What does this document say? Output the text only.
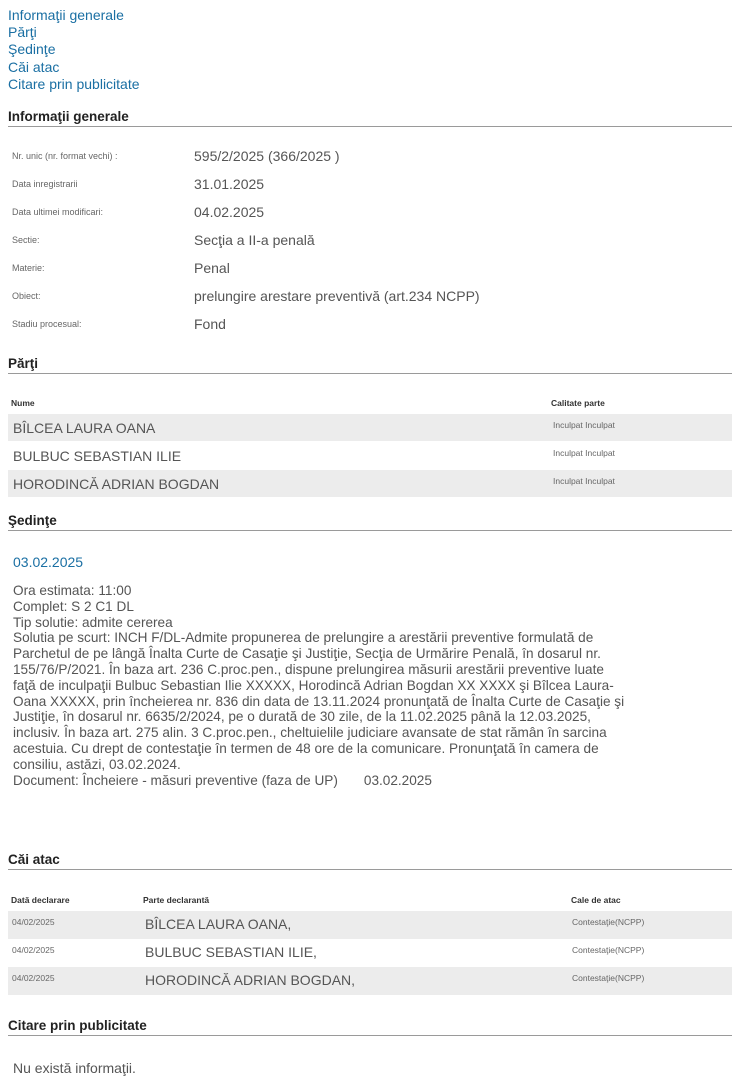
Informaţii generale
Părţi
Şedinţe
Căi atac
Citare prin publicitate
Informaţii generale
Nr. unic (nr. format vechi) :	595/2/2025 (366/2025 )
Data inregistrarii	31.01.2025
Data ultimei modificari:	04.02.2025
Sectie:	Secţia a II-a penală
Materie:	Penal
Obiect:	prelungire arestare preventivă (art.234 NCPP)
Stadiu procesual:	Fond
Părţi
Nume	Calitate parte
BÎLCEA LAURA OANA	Inculpat Inculpat
BULBUC SEBASTIAN ILIE	Inculpat Inculpat
HORODINCĂ ADRIAN BOGDAN	Inculpat Inculpat
Şedinţe
03.02.2025
Ora estimata: 11:00
Complet: S 2 C1 DL
Tip solutie: admite cererea
Solutia pe scurt: INCH F/DL-Admite propunerea de prelungire a arestării preventive formulată de
Parchetul de pe lângă Înalta Curte de Casaţie şi Justiţie, Secţia de Urmărire Penală, în dosarul nr.
155/76/P/2021. În baza art. 236 C.proc.pen., dispune prelungirea măsurii arestării preventive luate
faţă de inculpaţii Bulbuc Sebastian Ilie XXXXX, Horodincă Adrian Bogdan XX XXXX şi Bîlcea Laura-
Oana XXXXX, prin încheierea nr. 836 din data de 13.11.2024 pronunţată de Înalta Curte de Casaţie şi
Justiţie, în dosarul nr. 6635/2/2024, pe o durată de 30 zile, de la 11.02.2025 până la 12.03.2025,
inclusiv. În baza art. 275 alin. 3 C.proc.pen., cheltuielile judiciare avansate de stat rămân în sarcina
acestuia. Cu drept de contestaţie în termen de 48 ore de la comunicare. Pronunţată în camera de
consiliu, astăzi, 03.02.2024.
Document: Încheiere - măsuri preventive (faza de UP) 03.02.2025
Căi atac
Dată declarare	Parte declarantă	Cale de atac
04/02/2025	BÎLCEA LAURA OANA,	Contestaţie(NCPP)
04/02/2025	BULBUC SEBASTIAN ILIE,	Contestaţie(NCPP)
04/02/2025	HORODINCĂ ADRIAN BOGDAN,	Contestaţie(NCPP)
Citare prin publicitate
Nu există informaţii.
